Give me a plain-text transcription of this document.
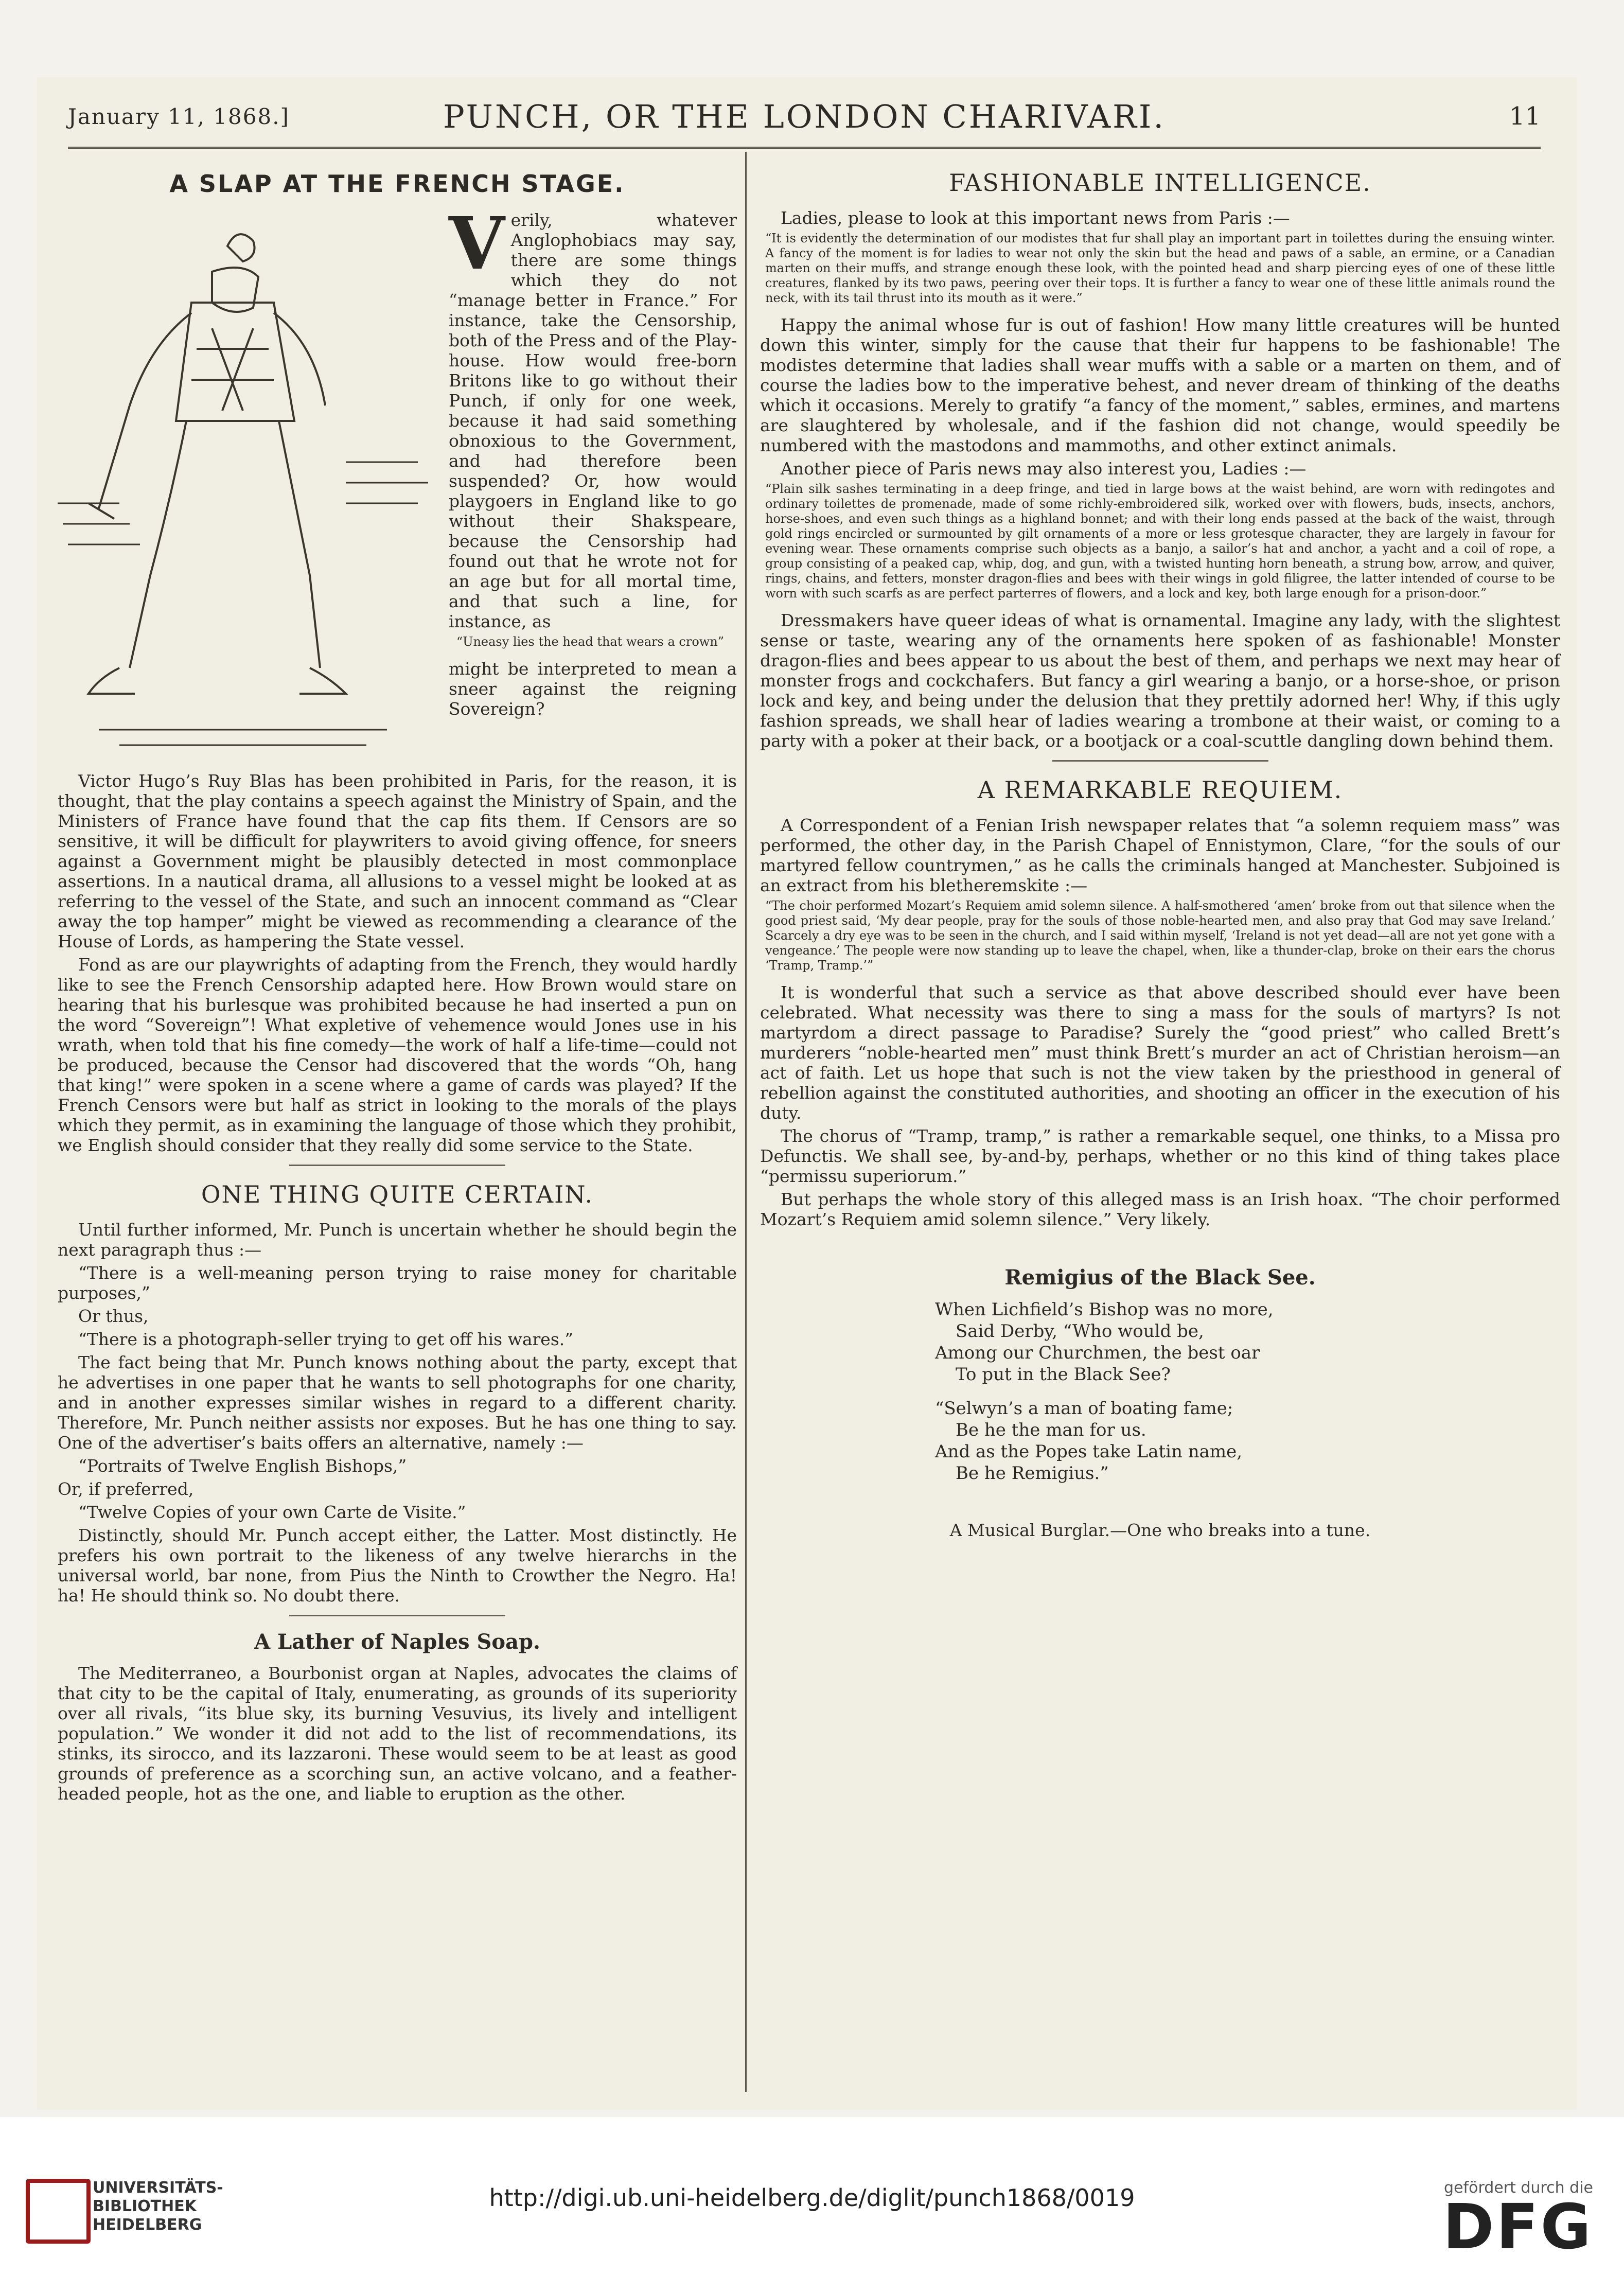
January 11, 1868.]	PUNCH, OR THE LONDON CHARIVARI.	11
A SLAP AT THE FRENCH STAGE.
V erily, whatever Anglophobiacs may say, there are some things which they do not “manage better in France.” For instance, take the Censorship, both of the Press and of the Play-house. How would free-born Britons like to go without their Punch, if only for one week, because it had said something obnoxious to the Government, and had therefore been suspended? Or, how would playgoers in England like to go without their Shakspeare, because the Censorship had found out that he wrote not for an age but for all mortal time, and that such a line, for instance, as

“Uneasy lies the head that wears a crown”

might be interpreted to mean a sneer against the reigning Sovereign?

Victor Hugo’s Ruy Blas has been prohibited in Paris, for the reason, it is thought, that the play contains a speech against the Ministry of Spain, and the Ministers of France have found that the cap fits them. If Censors are so sensitive, it will be difficult for playwriters to avoid giving offence, for sneers against a Government might be plausibly detected in most commonplace assertions. In a nautical drama, all allusions to a vessel might be looked at as referring to the vessel of the State, and such an innocent command as “Clear away the top hamper” might be viewed as recommending a clearance of the House of Lords, as hampering the State vessel.

Fond as are our playwrights of adapting from the French, they would hardly like to see the French Censorship adapted here. How Brown would stare on hearing that his burlesque was prohibited because he had inserted a pun on the word “Sovereign”! What expletive of vehemence would Jones use in his wrath, when told that his fine comedy—the work of half a life-time—could not be produced, because the Censor had discovered that the words “Oh, hang that king!” were spoken in a scene where a game of cards was played? If the French Censors were but half as strict in looking to the morals of the plays which they permit, as in examining the language of those which they prohibit, we English should consider that they really did some service to the State.

ONE THING QUITE CERTAIN.

Until further informed, Mr. Punch is uncertain whether he should begin the next paragraph thus :—

“There is a well-meaning person trying to raise money for charitable purposes,”

Or thus,

“There is a photograph-seller trying to get off his wares.”

The fact being that Mr. Punch knows nothing about the party, except that he advertises in one paper that he wants to sell photographs for one charity, and in another expresses similar wishes in regard to a different charity. Therefore, Mr. Punch neither assists nor exposes. But he has one thing to say. One of the advertiser’s baits offers an alternative, namely :—

“Portraits of Twelve English Bishops,”

Or, if preferred,

“Twelve Copies of your own Carte de Visite.”

Distinctly, should Mr. Punch accept either, the Latter. Most distinctly. He prefers his own portrait to the likeness of any twelve hierarchs in the universal world, bar none, from Pius the Ninth to Crowther the Negro. Ha! ha! He should think so. No doubt there.

A Lather of Naples Soap.

The Mediterraneo, a Bourbonist organ at Naples, advocates the claims of that city to be the capital of Italy, enumerating, as grounds of its superiority over all rivals, “its blue sky, its burning Vesuvius, its lively and intelligent population.” We wonder it did not add to the list of recommendations, its stinks, its sirocco, and its lazzaroni. These would seem to be at least as good grounds of preference as a scorching sun, an active volcano, and a feather-headed people, hot as the one, and liable to eruption as the other.

FASHIONABLE INTELLIGENCE.

Ladies, please to look at this important news from Paris :—

“It is evidently the determination of our modistes that fur shall play an important part in toilettes during the ensuing winter. A fancy of the moment is for ladies to wear not only the skin but the head and paws of a sable, an ermine, or a Canadian marten on their muffs, and strange enough these look, with the pointed head and sharp piercing eyes of one of these little creatures, flanked by its two paws, peering over their tops. It is further a fancy to wear one of these little animals round the neck, with its tail thrust into its mouth as it were.”

Happy the animal whose fur is out of fashion! How many little creatures will be hunted down this winter, simply for the cause that their fur happens to be fashionable! The modistes determine that ladies shall wear muffs with a sable or a marten on them, and of course the ladies bow to the imperative behest, and never dream of thinking of the deaths which it occasions. Merely to gratify “a fancy of the moment,” sables, ermines, and martens are slaughtered by wholesale, and if the fashion did not change, would speedily be numbered with the mastodons and mammoths, and other extinct animals.

Another piece of Paris news may also interest you, Ladies :—

“Plain silk sashes terminating in a deep fringe, and tied in large bows at the waist behind, are worn with redingotes and ordinary toilettes de promenade, made of some richly-embroidered silk, worked over with flowers, buds, insects, anchors, horse-shoes, and even such things as a highland bonnet; and with their long ends passed at the back of the waist, through gold rings encircled or surmounted by gilt ornaments of a more or less grotesque character, they are largely in favour for evening wear. These ornaments comprise such objects as a banjo, a sailor’s hat and anchor, a yacht and a coil of rope, a group consisting of a peaked cap, whip, dog, and gun, with a twisted hunting horn beneath, a strung bow, arrow, and quiver, rings, chains, and fetters, monster dragon-flies and bees with their wings in gold filigree, the latter intended of course to be worn with such scarfs as are perfect parterres of flowers, and a lock and key, both large enough for a prison-door.”

Dressmakers have queer ideas of what is ornamental. Imagine any lady, with the slightest sense or taste, wearing any of the ornaments here spoken of as fashionable! Monster dragon-flies and bees appear to us about the best of them, and perhaps we next may hear of monster frogs and cockchafers. But fancy a girl wearing a banjo, or a horse-shoe, or prison lock and key, and being under the delusion that they prettily adorned her! Why, if this ugly fashion spreads, we shall hear of ladies wearing a trombone at their waist, or coming to a party with a poker at their back, or a bootjack or a coal-scuttle dangling down behind them.

A REMARKABLE REQUIEM.

A Correspondent of a Fenian Irish newspaper relates that “a solemn requiem mass” was performed, the other day, in the Parish Chapel of Ennistymon, Clare, “for the souls of our martyred fellow countrymen,” as he calls the criminals hanged at Manchester. Subjoined is an extract from his bletheremskite :—

“The choir performed Mozart’s Requiem amid solemn silence. A half-smothered ‘amen’ broke from out that silence when the good priest said, ‘My dear people, pray for the souls of those noble-hearted men, and also pray that God may save Ireland.’ Scarcely a dry eye was to be seen in the church, and I said within myself, ‘Ireland is not yet dead—all are not yet gone with a vengeance.’ The people were now standing up to leave the chapel, when, like a thunder-clap, broke on their ears the chorus ‘Tramp, Tramp.’”

It is wonderful that such a service as that above described should ever have been celebrated. What necessity was there to sing a mass for the souls of martyrs? Is not martyrdom a direct passage to Paradise? Surely the “good priest” who called Brett’s murderers “noble-hearted men” must think Brett’s murder an act of Christian heroism—an act of faith. Let us hope that such is not the view taken by the priesthood in general of rebellion against the constituted authorities, and shooting an officer in the execution of his duty.

The chorus of “Tramp, tramp,” is rather a remarkable sequel, one thinks, to a Missa pro Defunctis. We shall see, by-and-by, perhaps, whether or no this kind of thing takes place “permissu superiorum.”

But perhaps the whole story of this alleged mass is an Irish hoax. “The choir performed Mozart’s Requiem amid solemn silence.” Very likely.

Remigius of the Black See.
When Lichfield’s Bishop was no more,
Said Derby, “Who would be,
Among our Churchmen, the best oar
To put in the Black See?
“Selwyn’s a man of boating fame;
Be he the man for us.
And as the Popes take Latin name,
Be he Remigius.”

A Musical Burglar.—One who breaks into a tune.

UNIVERSITÄTS-
BIBLIOTHEK
HEIDELBERG
http://digi.ub.uni-heidelberg.de/diglit/punch1868/0019	gefördert durch die
DFG
